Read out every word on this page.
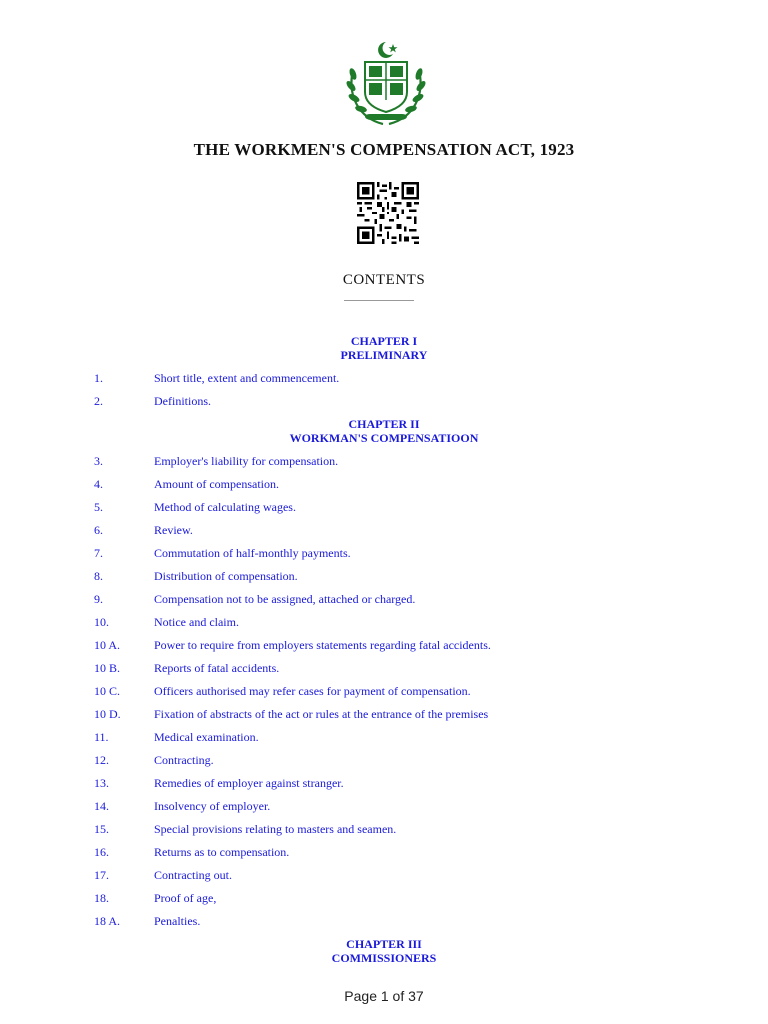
THE WORKMEN'S COMPENSATION ACT, 1923
CONTENTS
CHAPTER I
PRELIMINARY
1.	Short title, extent and commencement.
2.	Definitions.
CHAPTER II
WORKMAN'S COMPENSATIOON
3.	Employer's liability for compensation.
4.	Amount of compensation.
5.	Method of calculating wages.
6.	Review.
7.	Commutation of half-monthly payments.
8.	Distribution of compensation.
9.	Compensation not to be assigned, attached or charged.
10.	Notice and claim.
10 A.	Power to require from employers statements regarding fatal accidents.
10 B.	Reports of fatal accidents.
10 C.	Officers authorised may refer cases for payment of compensation.
10 D.	Fixation of abstracts of the act or rules at the entrance of the premises
11.	Medical examination.
12.	Contracting.
13.	Remedies of employer against stranger.
14.	Insolvency of employer.
15.	Special provisions relating to masters and seamen.
16.	Returns as to compensation.
17.	Contracting out.
18.	Proof of age,
18 A.	Penalties.
CHAPTER III
COMMISSIONERS
Page 1 of 37
